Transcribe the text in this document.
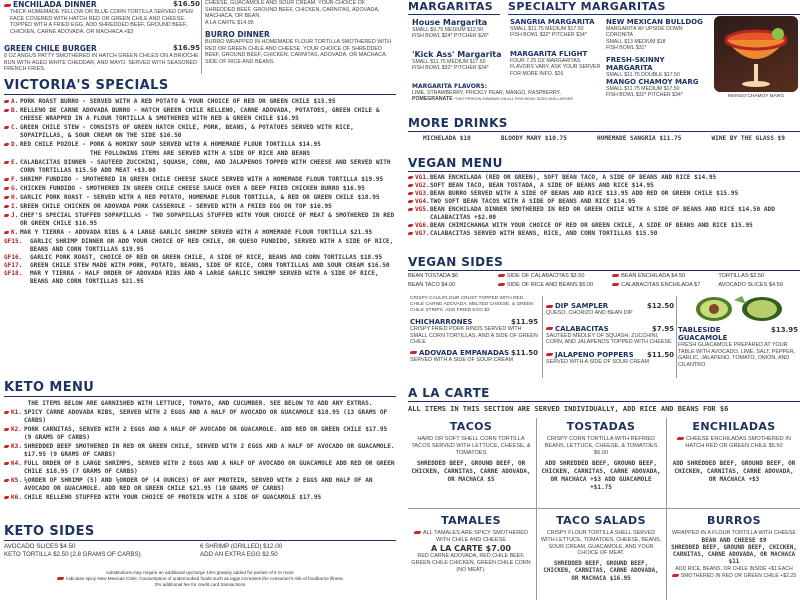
ENCHILADA DINNER	$16.50
THICK HOMEMADE YELLOW OR BLUE CORN TORTILLA SERVED OPEN FACE COVERED WITH HATCH RED OR GREEN CHILE AND CHEESE. TOPPED WITH A FRIED EGG. ADD SHREDDED BEEF, GROUND BEEF, CHICKEN, CARNE ADOVADA, OR MACHACA +$3
GREEN CHILE BURGER	$16.95
8 OZ ANGUS PATTY SMOTHERED IN HATCH GREEN CHILES ON A BRIOCHE BUN WITH AGED WHITE CHEDDAR, AND MAYO. SERVED WITH SEASONED FRENCH FRIES.
CHEESE, GUACAMOLE AND SOUR CREAM. YOUR CHOICE OF SHREDDED BEEF, GROUND BEEF, CHICKEN, CARNITAS, ADOVADA, MACHACA, OR BEAN.
A LA CARTE $14.95
BURRO DINNER
BURRO WRAPPED IN HOMEMADE FLOUR TORTILLA SMOTHERED WITH RED OR GREEN CHILE AND CHEESE. YOUR CHOICE OF SHREDDED BEEF, GROUND BEEF, CHICKEN, CARNITAS, ADOVADA, OR MACHACA. SIDE OF RICE AND BEANS.
VICTORIA'S SPECIALS
A. PORK ROAST BURRO - SERVED WITH A RED POTATO & YOUR CHOICE OF RED OR GREEN CHILE $15.95
B. RELLENO DE CARNE ADOVADA BURRO - HATCH GREEN CHILE RELLENO, CARNE ADOVADA, POTATOES, GREEN CHILE & CHEESE WRAPPED IN A FLOUR TORTILLA & SMOTHERED WITH RED & GREEN CHILE $16.95
C. GREEN CHILE STEW - CONSISTS OF GREEN HATCH CHILE, PORK, BEANS, & POTATOES SERVED WITH RICE, SOPAIPILLAS, & SOUR CREAM ON THE SIDE $16.50
D. RED CHILE POZOLE - PORK & HOMINY SOUP SERVED WITH A HOMEMADE FLOUR TORTILLA $14.95
THE FOLLOWING ITEMS ARE SERVED WITH A SIDE OF RICE AND BEANS
E. CALABACITAS DINNER - SAUTEED ZUCCHINI, SQUASH, CORN, AND JALAPENOS TOPPED WITH CHEESE AND SERVED WITH CORN TORTILLAS $15.50 ADD MEAT +$3.00
F. SHRIMP FUNDIDO - SMOTHERED IN GREEN CHILE CHEESE SAUCE SERVED WITH A HOMEMADE FLOUR TORTILLA $19.95
G. CHICKEN FUNDIDO - SMOTHERED IN GREEN CHILE CHEESE SAUCE OVER A DEEP FRIED CHICKEN BURRO $16.95
H. GARLIC PORK ROAST - SERVED WITH A RED POTATO, HOMEMADE FLOUR TORTILLA, & RED OR GREEN CHILE $18.95
I. GREEN CHILE CHICKEN OR ADOVADA PORK CASSEROLE - SERVED WITH A FRIED EGG ON TOP $16.95
J. CHEF'S SPECIAL STUFFED SOPAPILLAS - TWO SOPAPILLAS STUFFED WITH YOUR CHOICE OF MEAT & SMOTHERED IN RED OR GREEN CHILE $16.95
K. MAR Y TIERRA - ADOVADA RIBS & 4 LARGE GARLIC SHRIMP SERVED WITH A HOMEMADE FLOUR TORTILLA $21.95
GF15.	GARLIC SHRIMP DINNER OR ADD YOUR CHOICE OF RED CHILE, OR QUESO FUNDIDO, SERVED WITH A SIDE OF RICE, BEANS AND CORN TORTILLAS $19.95
GF16.	GARLIC PORK ROAST, CHOICE OF RED OR GREEN CHILE, A SIDE OF RICE, BEANS AND CORN TORTILLAS $18.95
GF17.	GREEN CHILE STEW MADE WITH PORK, POTATO, BEANS, SIDE OF RICE, CORN TORTILLAS AND SOUR CREAM $16.50
GF18.	MAR Y TIERRA - HALF ORDER OF ADOVADA RIBS AND 4 LARGE GARLIC SHRIMP SERVED WITH A SIDE OF RICE, BEANS AND CORN TORTILLAS $21.95
KETO MENU
THE ITEMS BELOW ARE GARNISHED WITH LETTUCE, TOMATO, AND CUCUMBER. SEE BELOW TO ADD ANY EXTRAS.
K1. SPICY CARNE ADOVADA RIBS, SERVED WITH 2 EGGS AND A HALF OF AVOCADO OR GUACAMOLE $18.95 (13 GRAMS OF CARBS)
K2. PORK CARNITAS, SERVED WITH 2 EGGS AND A HALF OF AVOCADO OR GUACAMOLE. ADD RED OR GREEN CHILE $17.95 (9 GRAMS OF CARBS)
K3. SHREDDED BEEF SMOTHERED IN RED OR GREEN CHILE, SERVED WITH 2 EGGS AND A HALF OF AVOCADO OR GUACAMOLE. $17.95 (9 GRAMS OF CARBS)
K4. FULL ORDER OF 8 LARGE SHRIMPS, SERVED WITH 2 EGGS AND A HALF OF AVOCADO OR GUACAMOLE ADD RED OR GREEN CHILE $18.95 (7 GRAMS OF CARBS)
K5. ½ORDER OF SHRIMP (5) AND ½ORDER OF (4 OUNCES) OF ANY PROTEIN, SERVED WITH 2 EGGS AND HALF OF AN AVOCADO OR GUACAMOLE. ADD RED OR GREEN CHILE $21.95 (10 GRAMS OF CARBS)
K6. CHILE RELLENO STUFFED WITH YOUR CHOICE OF PROTEIN WITH A SIDE OF GUACAMOLE $17.95
KETO SIDES
AVOCADO SLICES $4.50	6 SHRIMP (GRILLED) $12.00
KETO TORTILLA $2.50 (2.8 GRAMS OF CARBS)	ADD AN EXTRA EGG $2.50
substitutions may require an additional upcharge 18% gratuity added for parties of 6 or more
indicates spicy New Mexican Chile. Consumption of undercooked foods such as eggs increases the consumer's risk of foodborne illness
3% additional fee for credit card transactions
MARGARITAS	SPECIALTY MARGARITAS
House Margarita
SMALL $9.75 MEDIUM $12.50
FISH BOWL $24* PITCHER $26*
'Kick Ass' Margarita
SMALL $11.75 MEDIUM $17.50
FISH BOWL $32* PITCHER $34*
SANGRIA MARGARITA
SMALL $11.75 MEDIUM $17.50
FISH BOWL $32* PITCHER $34*
MARGARITA FLIGHT
FOUR 7.25 OZ MARGARITAS
FLAVORS VARY, ASK YOUR SERVER
FOR MORE INFO. $26
NEW MEXICAN BULLDOG
MARGARITA W/ UPSIDE DOWN CORONITA
SMALL $13 MEDIUM $18
FISH BOWL $31*
FRESH-SKINNY MARGARITA
SMALL $11.75 DOUBLE $17.50
MANGO CHAMOY MARG
SMALL $11.75 MEDIUM $17.50
FISH BOWL $32* PITCHER $34*	MANGO CHAMOY MARG
MARGARITA FLAVORS:
LIME, STRAWBERRY, PRICKLY PEAR, MANGO, RASPBERRY,
POMEGRANATE *TWO PERSON MINIMUM ON ALL FISH BOWL SIZES AND LARGER
MORE DRINKS
MICHELADA $10	BLOODY MARY $10.75	HOMEMADE SANGRIA $11.75	WINE BY THE GLASS $9
VEGAN MENU
VG1. BEAN ENCHILADA (RED OR GREEN), SOFT BEAN TACO, A SIDE OF BEANS AND RICE $14.95
VG2. SOFT BEAN TACO, BEAN TOSTADA, A SIDE OF BEANS AND RICE $14.95
VG3. BEAN BURRO SERVED WITH A SIDE OF BEANS AND RICE $13.95 ADD RED OR GREEN CHILE $15.95
VG4. TWO SOFT BEAN TACOS WITH A SIDE OF BEANS AND RICE $14.95
VG5. BEAN ENCHILADA DINNER SMOTHERED IN RED OR GREEN CHILE WITH A SIDE OF BEANS AND RICE $14.50 ADD CALABACITAS +$2.00
VG6. BEAN CHIMICHANGA WITH YOUR CHOICE OF RED OR GREEN CHILE, A SIDE OF BEANS AND RICE $15.95
VG7. CALABACITAS SERVED WITH BEANS, RICE, AND CORN TORTILLAS $15.50
VEGAN SIDES
BEAN TOSTADA $6	SIDE OF CALABACITAS $3.50	BEAN ENCHILADA $4.50	TORTILLAS $2.50
BEAN TACO $4.00	SIDE OF RICE AND BEANS $6.00	CALABACITAS ENCHILADA $7	AVOCADO SLICES $4.50
CRISPY CAULIFLOUR CRUST TOPPED WITH RED CHILE CARNE ADOVADA, MELTED CHEESE, & GREEN CHILE STRIPS. ADD FRIED EGG $2
CHICHARRONES	$11.95
CRISPY FRIED PORK RINDS SERVED WITH SMALL CORN TORTILLAS, AND A SIDE OF GREEN CHILE
ADOVADA EMPANADAS $11.50
SERVED WITH A SIDE OF SOUR CREAM
DIP SAMPLER	$12.50
QUESO, CHORIZO AND BEAN DIP
CALABACITAS	$7.95
SAUTEED MEDLEY OF SQUASH, ZUCCHINI, CORN, AND JALAPENOS TOPPED WITH CHEESE
JALAPENO POPPERS $11.50
SERVED WITH A SIDE OF SOUR CREAM
TABLESIDE GUACAMOLE
$13.95
FRESH GUACAMOLE PREPARED AT YOUR TABLE WITH AVOCADO, LIME, SALT, PEPPER, GARLIC, JALAPENO, TOMATO, ONION, AND CILANTRO.
A LA CARTE
ALL ITEMS IN THIS SECTION ARE SERVED INDIVIDUALLY, ADD RICE AND BEANS FOR $6
TACOS
HARD OR SOFT SHELL CORN TORTILLA TACOS SERVED WITH LETTUCE, CHEESE, & TOMATOES
SHREDDED BEEF, GROUND BEEF, OR CHICKEN, CARNITAS, CARNE ADOVADA, OR MACHACA $5
TOSTADAS
CRISPY CORN TORTILLA WITH REFRIED BEANS, LETTUCE, CHEESE, & TOMATOES $6.00
ADD SHREDDED BEEF, GROUND BEEF, CHICKEN, CARNITAS, CARNE ADOVADA, OR MACHACA +$3 ADD GUACAMOLE +$1.75
ENCHILADAS
CHEESE ENCHILADAS SMOTHERED IN HATCH RED OR GREEN CHILE $5.50
ADD SHREDDED BEEF, GROUND BEEF, OR CHICKEN, CARNITAS, CARNE ADOVADA, OR MACHACA +$3
TAMALES
ALL TAMALES ARE SPICY SMOTHERED WITH CHILE AND CHEESE
A LA CARTE $7.00
RED CARNE ADOVADA, RED CHILE BEEF, GREEN CHILE CHICKEN, GREEN CHILE CORN (NO MEAT).
TACO SALADS
CRISPY FLOUR TORTILLA SHELL SERVED WITH LETTUCE, TOMATOES, CHEESE, BEANS, SOUR CREAM, GUACAMOLE, AND YOUR CHOICE OF MEAT.
SHREDDED BEEF, GROUND BEEF, CHICKEN, CARNITAS, CARNE ADOVADA, OR MACHACA $16.95
BURROS
WRAPPED IN A FLOUR TORTILLA WITH CHEESE
BEAN AND CHEESE $9
SHREDDED BEEF, GROUND BEEF, CHICKEN, CARNITAS, CARNE ADOVADA, OR MACHACA $11
ADD RICE, BEANS, OR CHILE INSIDE +$1 EACH
SMOTHERED IN RED OR GREEN CHILE +$2.25
